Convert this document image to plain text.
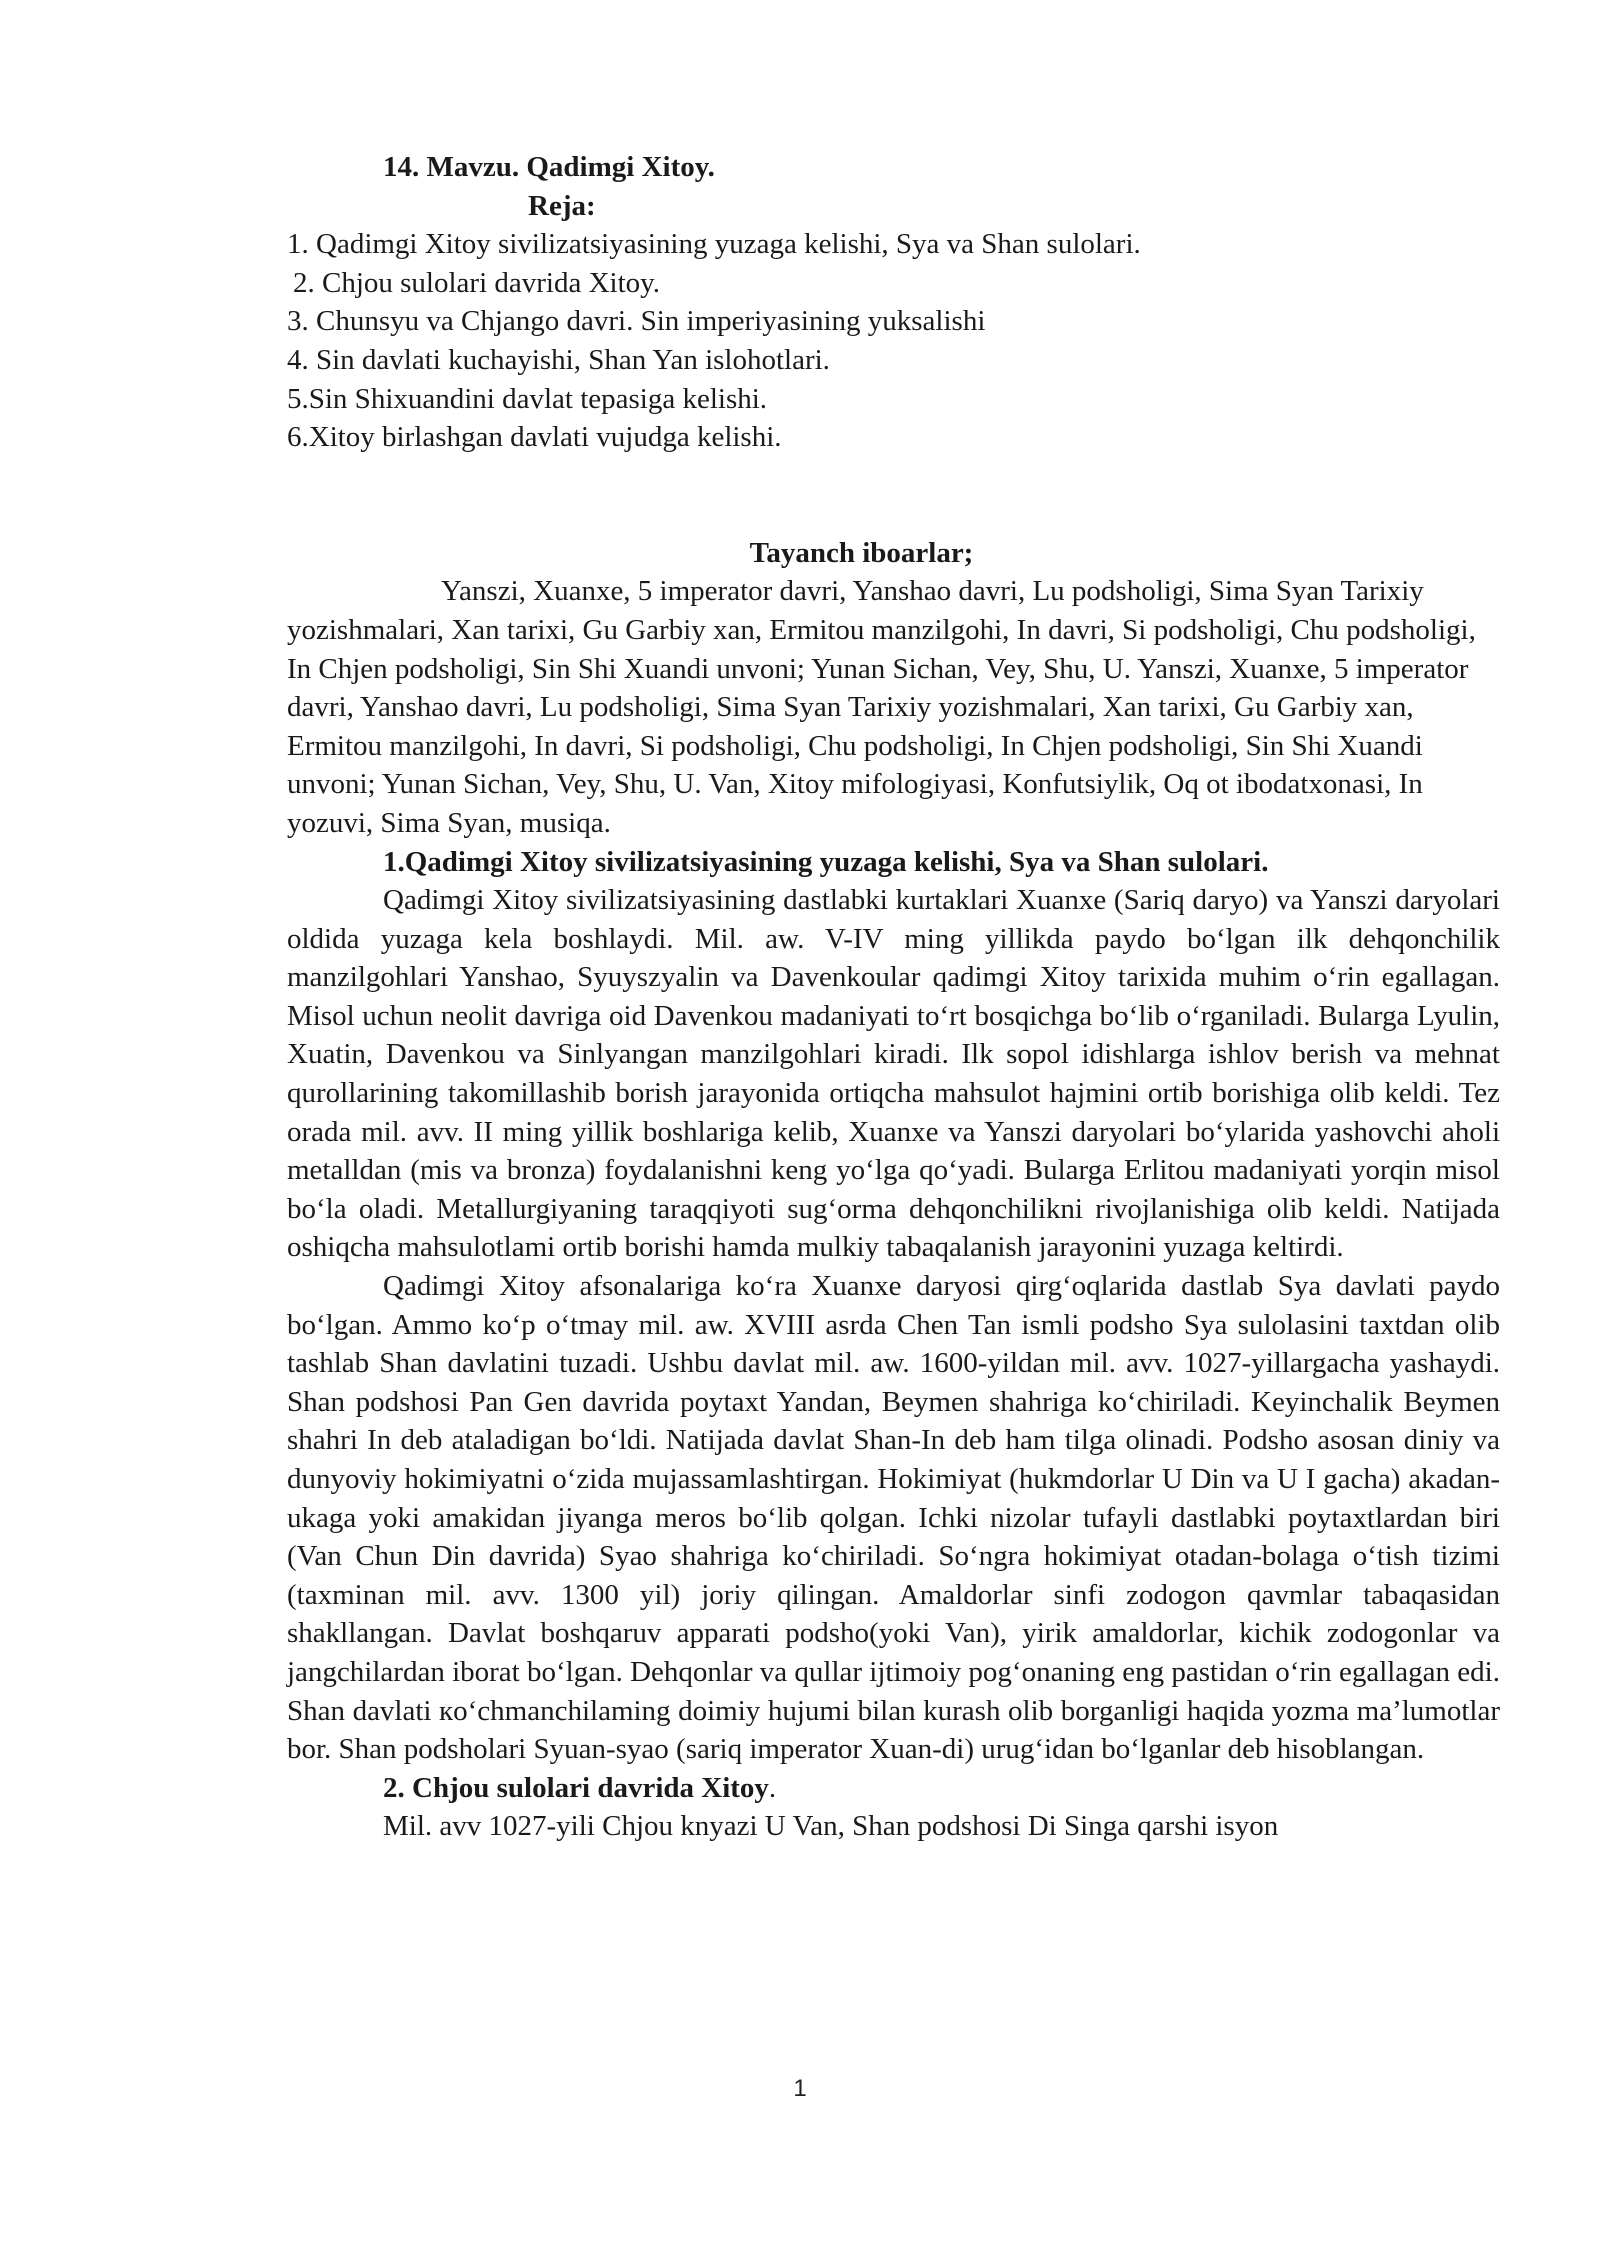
14. Mavzu. Qadimgi Xitoy.

Reja:

1. Qadimgi Xitoy sivilizatsiyasining yuzaga kelishi, Sya va Shan sulolari.

2. Chjou sulolari davrida Xitoy.

3. Chunsyu va Chjango davri. Sin imperiyasining yuksalishi

4. Sin davlati kuchayishi, Shan Yan islohotlari.

5.Sin Shixuandini davlat tepasiga kelishi.

6.Xitoy birlashgan davlati vujudga kelishi.

Tayanch iboarlar;

Yanszi, Xuanxe, 5 imperator davri, Yanshao davri, Lu podsholigi, Sima Syan Tarixiy yozishmalari, Xan tarixi, Gu Garbiy xan, Ermitou manzilgohi, In davri, Si podsholigi, Chu podsholigi, In Chjen podsholigi, Sin Shi Xuandi unvoni; Yunan Sichan, Vey, Shu, U. Yanszi, Xuanxe, 5 imperator davri, Yanshao davri, Lu podsholigi, Sima Syan Tarixiy yozishmalari, Xan tarixi, Gu Garbiy xan, Ermitou manzilgohi, In davri, Si podsholigi, Chu podsholigi, In Chjen podsholigi, Sin Shi Xuandi unvoni; Yunan Sichan, Vey, Shu, U. Van, Xitoy mifologiyasi, Konfutsiylik, Oq ot ibodatxonasi, In yozuvi, Sima Syan, musiqa.

1.Qadimgi Xitoy sivilizatsiyasining yuzaga kelishi, Sya va Shan sulolari.

Qadimgi Xitoy sivilizatsiyasining dastlabki kurtaklari Xuanxe (Sariq daryo) va Yanszi daryolari oldida yuzaga kela boshlaydi. Mil. aw. V-IV ming yillikda paydo bo‘lgan ilk dehqonchilik manzilgohlari Yanshao, Syuyszyalin va Davenkoular qadimgi Xitoy tarixida muhim o‘rin egallagan. Misol uchun neolit davriga oid Davenkou madaniyati to‘rt bosqichga bo‘lib o‘rganiladi. Bularga Lyulin, Xuatin, Davenkou va Sinlyangan manzilgohlari kiradi. Ilk sopol idishlarga ishlov berish va mehnat qurollarining takomillashib borish jarayonida ortiqcha mahsulot hajmini ortib borishiga olib keldi. Tez orada mil. avv. II ming yillik boshlariga kelib, Xuanxe va Yanszi daryolari bo‘ylarida yashovchi aholi metalldan (mis va bronza) foydalanishni keng yo‘lga qo‘yadi. Bularga Erlitou madaniyati yorqin misol bo‘la oladi. Metallurgiyaning taraqqiyoti sug‘orma dehqonchilikni rivojlanishiga olib keldi. Natijada oshiqcha mahsulotlami ortib borishi hamda mulkiy tabaqalanish jarayonini yuzaga keltirdi.

Qadimgi Xitoy afsonalariga ko‘ra Xuanxe daryosi qirg‘oqlarida dastlab Sya davlati paydo bo‘lgan. Ammo ko‘p o‘tmay mil. aw. XVIII asrda Chen Tan ismli podsho Sya sulolasini taxtdan olib tashlab Shan davlatini tuzadi. Ushbu davlat mil. aw. 1600-yildan mil. avv. 1027-yillargacha yashaydi. Shan podshosi Pan Gen davrida poytaxt Yandan, Beymen shahriga ko‘chiriladi. Keyinchalik Beymen shahri In deb ataladigan bo‘ldi. Natijada davlat Shan-In deb ham tilga olinadi. Podsho asosan diniy va dunyoviy hokimiyatni o‘zida mujassamlashtirgan. Hokimiyat (hukmdorlar U Din va U I gacha) akadan-ukaga yoki amakidan jiyanga meros bo‘lib qolgan. Ichki nizolar tufayli dastlabki poytaxtlardan biri (Van Chun Din davrida) Syao shahriga ko‘chiriladi. So‘ngra hokimiyat otadan-bolaga o‘tish tizimi (taxminan mil. avv. 1300 yil) joriy qilingan. Amaldorlar sinfi zodogon qavmlar tabaqasidan shakllangan. Davlat boshqaruv apparati podsho(yoki Van), yirik amaldorlar, kichik zodogonlar va jangchilardan iborat bo‘lgan. Dehqonlar va qullar ijtimoiy pog‘onaning eng pastidan o‘rin egallagan edi. Shan davlati кo‘chmanchilaming doimiy hujumi bilan kurash olib borganligi haqida yozma ma’lumotlar bor. Shan podsholari Syuan-syao (sariq imperator Xuan-di) urug‘idan bo‘lganlar deb hisoblangan.

2. Chjou sulolari davrida Xitoy.

Mil. avv 1027-yili Chjou knyazi U Van, Shan podshosi Di Singa qarshi isyon

1
